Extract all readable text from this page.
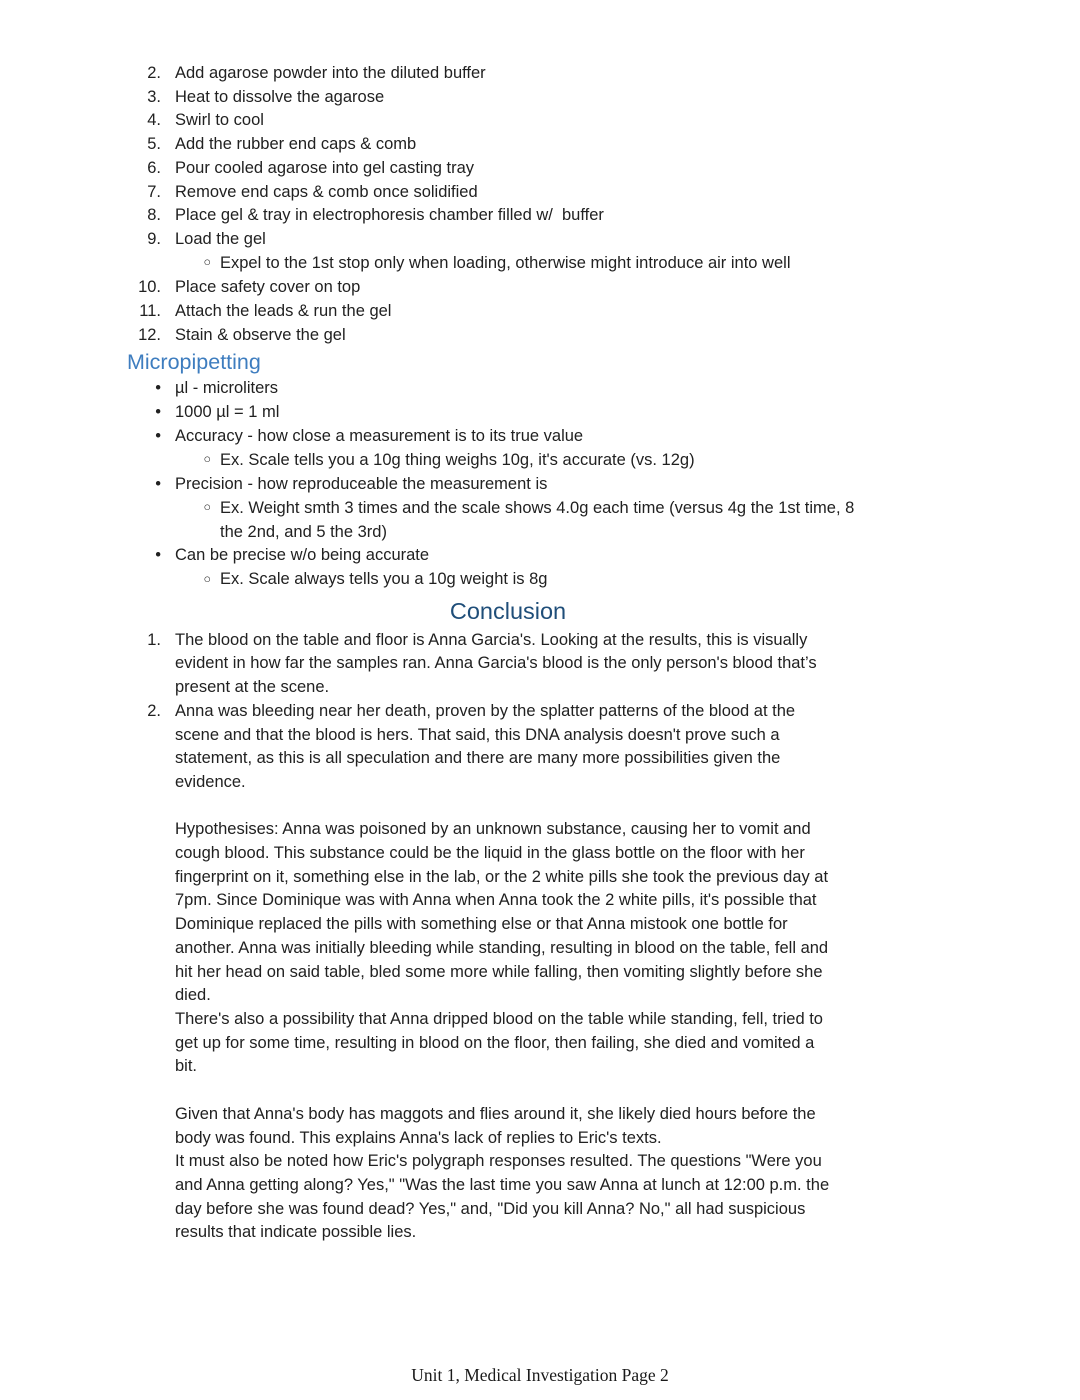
2. Add agarose powder into the diluted buffer
3. Heat to dissolve the agarose
4. Swirl to cool
5. Add the rubber end caps & comb
6. Pour cooled agarose into gel casting tray
7. Remove end caps & comb once solidified
8. Place gel & tray in electrophoresis chamber filled w/  buffer
9. Load the gel
○
Expel to the 1st stop only when loading, otherwise might introduce air into well
10. Place safety cover on top
11. Attach the leads & run the gel
12. Stain & observe the gel
Micropipetting
•
µl - microliters
•
1000 µl = 1 ml
•
Accuracy - how close a measurement is to its true value
○
Ex. Scale tells you a 10g thing weighs 10g, it's accurate (vs. 12g)
•
Precision - how reproduceable the measurement is
○
Ex. Weight smth 3 times and the scale shows 4.0g each time (versus 4g the 1st time, 8 the 2nd, and 5 the 3rd)
•
Can be precise w/o being accurate
○
Ex. Scale always tells you a 10g weight is 8g
Conclusion
1. The blood on the table and floor is Anna Garcia's. Looking at the results, this is visually evident in how far the samples ran. Anna Garcia's blood is the only person's blood that’s present at the scene.
2. Anna was bleeding near her death, proven by the splatter patterns of the blood at the scene and that the blood is hers. That said, this DNA analysis doesn't prove such a statement, as this is all speculation and there are many more possibilities given the evidence.

Hypothesises: Anna was poisoned by an unknown substance, causing her to vomit and cough blood. This substance could be the liquid in the glass bottle on the floor with her fingerprint on it, something else in the lab, or the 2 white pills she took the previous day at 7pm. Since Dominique was with Anna when Anna took the 2 white pills, it's possible that Dominique replaced the pills with something else or that Anna mistook one bottle for another. Anna was initially bleeding while standing, resulting in blood on the table, fell and hit her head on said table, bled some more while falling, then vomiting slightly before she died.

There's also a possibility that Anna dripped blood on the table while standing, fell, tried to get up for some time, resulting in blood on the floor, then failing, she died and vomited a bit.

Given that Anna's body has maggots and flies around it, she likely died hours before the body was found. This explains Anna's lack of replies to Eric's texts.

It must also be noted how Eric's polygraph responses resulted. The questions "Were you and Anna getting along? Yes," "Was the last time you saw Anna at lunch at 12:00 p.m. the day before she was found dead? Yes," and, "Did you kill Anna? No," all had suspicious results that indicate possible lies.

Unit 1, Medical Investigation Page 2
